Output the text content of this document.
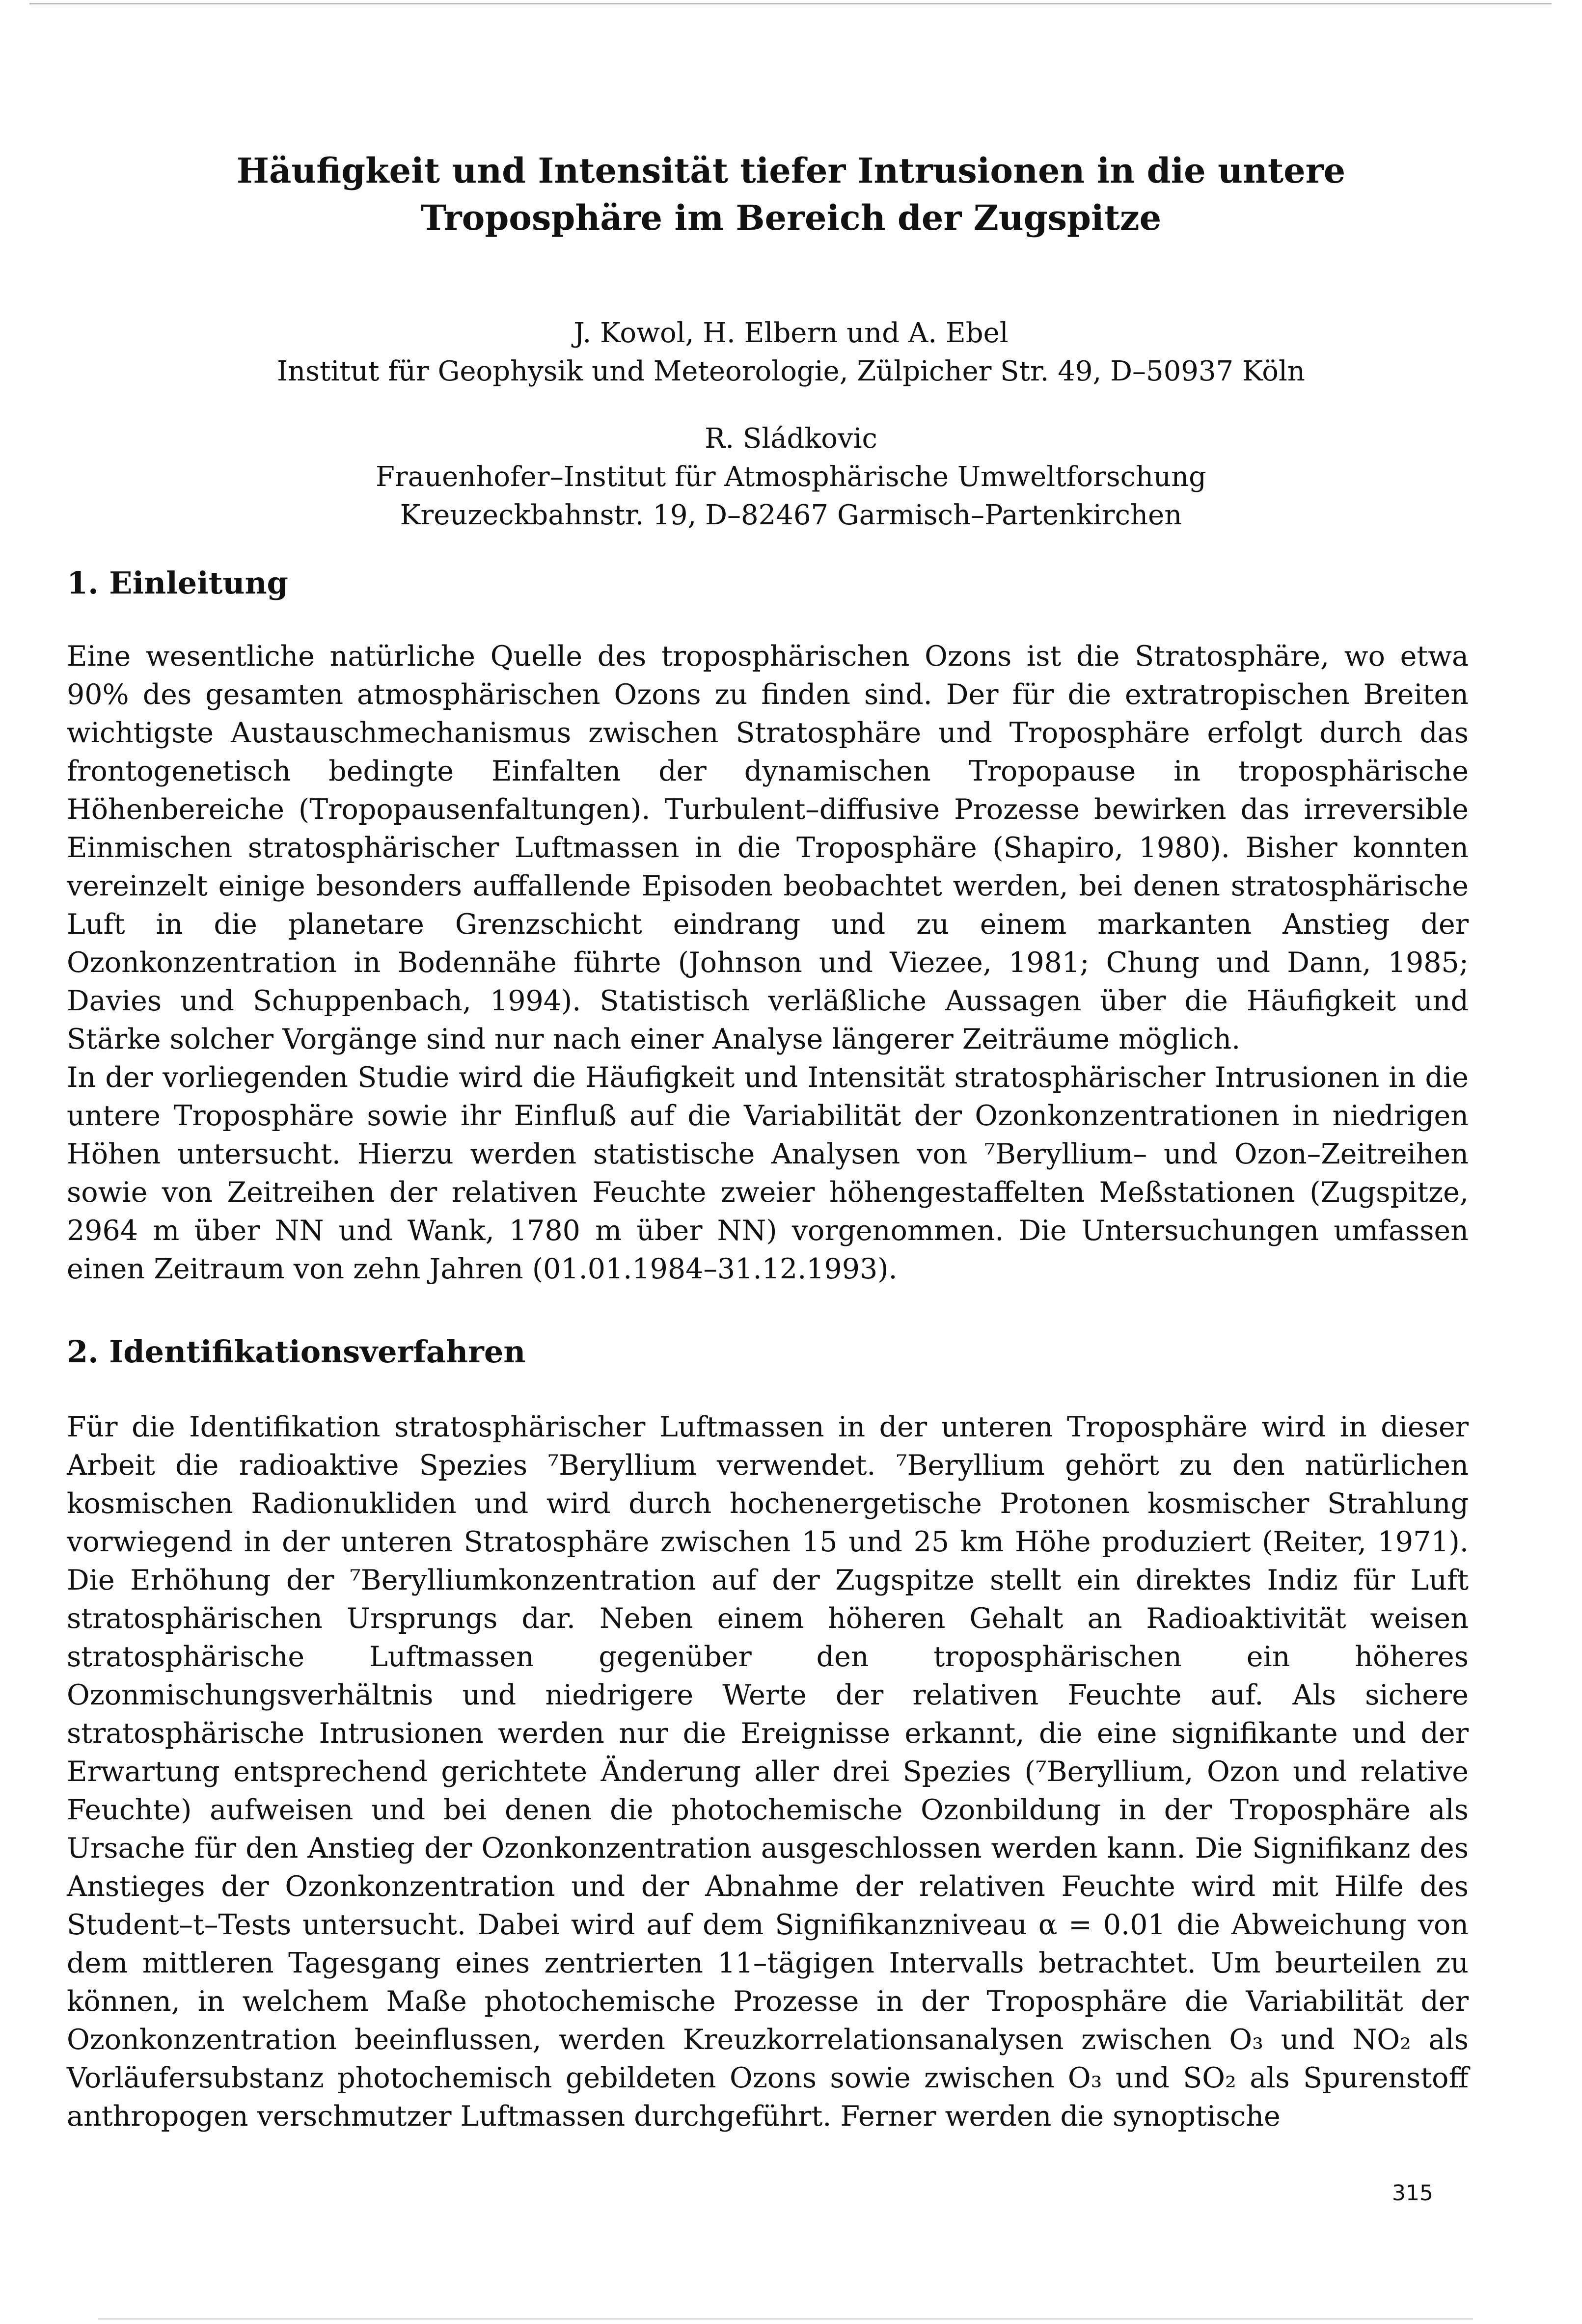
Häufigkeit und Intensität tiefer Intrusionen in die untere
Troposphäre im Bereich der Zugspitze
J. Kowol, H. Elbern und A. Ebel
Institut für Geophysik und Meteorologie, Zülpicher Str. 49, D–50937 Köln
R. Sládkovic
Frauenhofer–Institut für Atmosphärische Umweltforschung
Kreuzeckbahnstr. 19, D–82467 Garmisch–Partenkirchen
1. Einleitung

Eine wesentliche natürliche Quelle des troposphärischen Ozons ist die Stratosphäre, wo etwa 90% des gesamten atmosphärischen Ozons zu finden sind. Der für die extratropischen Breiten wichtigste Austauschmechanismus zwischen Stratosphäre und Troposphäre erfolgt durch das frontogenetisch bedingte Einfalten der dynamischen Tropopause in troposphärische Höhenbereiche (Tropopausenfaltungen). Turbulent–diffusive Prozesse bewirken das irreversible Einmischen stratosphärischer Luftmassen in die Troposphäre (Shapiro, 1980). Bisher konnten vereinzelt einige besonders auffallende Episoden beobachtet werden, bei denen stratosphärische Luft in die planetare Grenzschicht eindrang und zu einem markanten Anstieg der Ozonkonzentration in Bodennähe führte (Johnson und Viezee, 1981; Chung und Dann, 1985; Davies und Schuppenbach, 1994). Statistisch verläßliche Aussagen über die Häufigkeit und Stärke solcher Vorgänge sind nur nach einer Analyse längerer Zeiträume möglich.

In der vorliegenden Studie wird die Häufigkeit und Intensität stratosphärischer Intrusionen in die untere Troposphäre sowie ihr Einfluß auf die Variabilität der Ozonkonzentrationen in niedrigen Höhen untersucht. Hierzu werden statistische Analysen von ⁷Beryllium– und Ozon–Zeitreihen sowie von Zeitreihen der relativen Feuchte zweier höhengestaffelten Meßstationen (Zugspitze, 2964 m über NN und Wank, 1780 m über NN) vorgenommen. Die Untersuchungen umfassen einen Zeitraum von zehn Jahren (01.01.1984–31.12.1993).

2. Identifikationsverfahren

Für die Identifikation stratosphärischer Luftmassen in der unteren Troposphäre wird in dieser Arbeit die radioaktive Spezies ⁷Beryllium verwendet. ⁷Beryllium gehört zu den natürlichen kosmischen Radionukliden und wird durch hochenergetische Protonen kosmischer Strahlung vorwiegend in der unteren Stratosphäre zwischen 15 und 25 km Höhe produziert (Reiter, 1971). Die Erhöhung der ⁷Berylliumkonzentration auf der Zugspitze stellt ein direktes Indiz für Luft stratosphärischen Ursprungs dar. Neben einem höheren Gehalt an Radioaktivität weisen stratosphärische Luftmassen gegenüber den troposphärischen ein höheres Ozonmischungsverhältnis und niedrigere Werte der relativen Feuchte auf. Als sichere stratosphärische Intrusionen werden nur die Ereignisse erkannt, die eine signifikante und der Erwartung entsprechend gerichtete Änderung aller drei Spezies (⁷Beryllium, Ozon und relative Feuchte) aufweisen und bei denen die photochemische Ozonbildung in der Troposphäre als Ursache für den Anstieg der Ozonkonzentration ausgeschlossen werden kann. Die Signifikanz des Anstieges der Ozonkonzentration und der Abnahme der relativen Feuchte wird mit Hilfe des Student–t–Tests untersucht. Dabei wird auf dem Signifikanzniveau α = 0.01 die Abweichung von dem mittleren Tagesgang eines zentrierten 11–tägigen Intervalls betrachtet. Um beurteilen zu können, in welchem Maße photochemische Prozesse in der Troposphäre die Variabilität der Ozonkonzentration beeinflussen, werden Kreuzkorrelationsanalysen zwischen O₃ und NO₂ als Vorläufersubstanz photochemisch gebildeten Ozons sowie zwischen O₃ und SO₂ als Spurenstoff anthropogen verschmutzer Luftmassen durchgeführt. Ferner werden die synoptische

315
